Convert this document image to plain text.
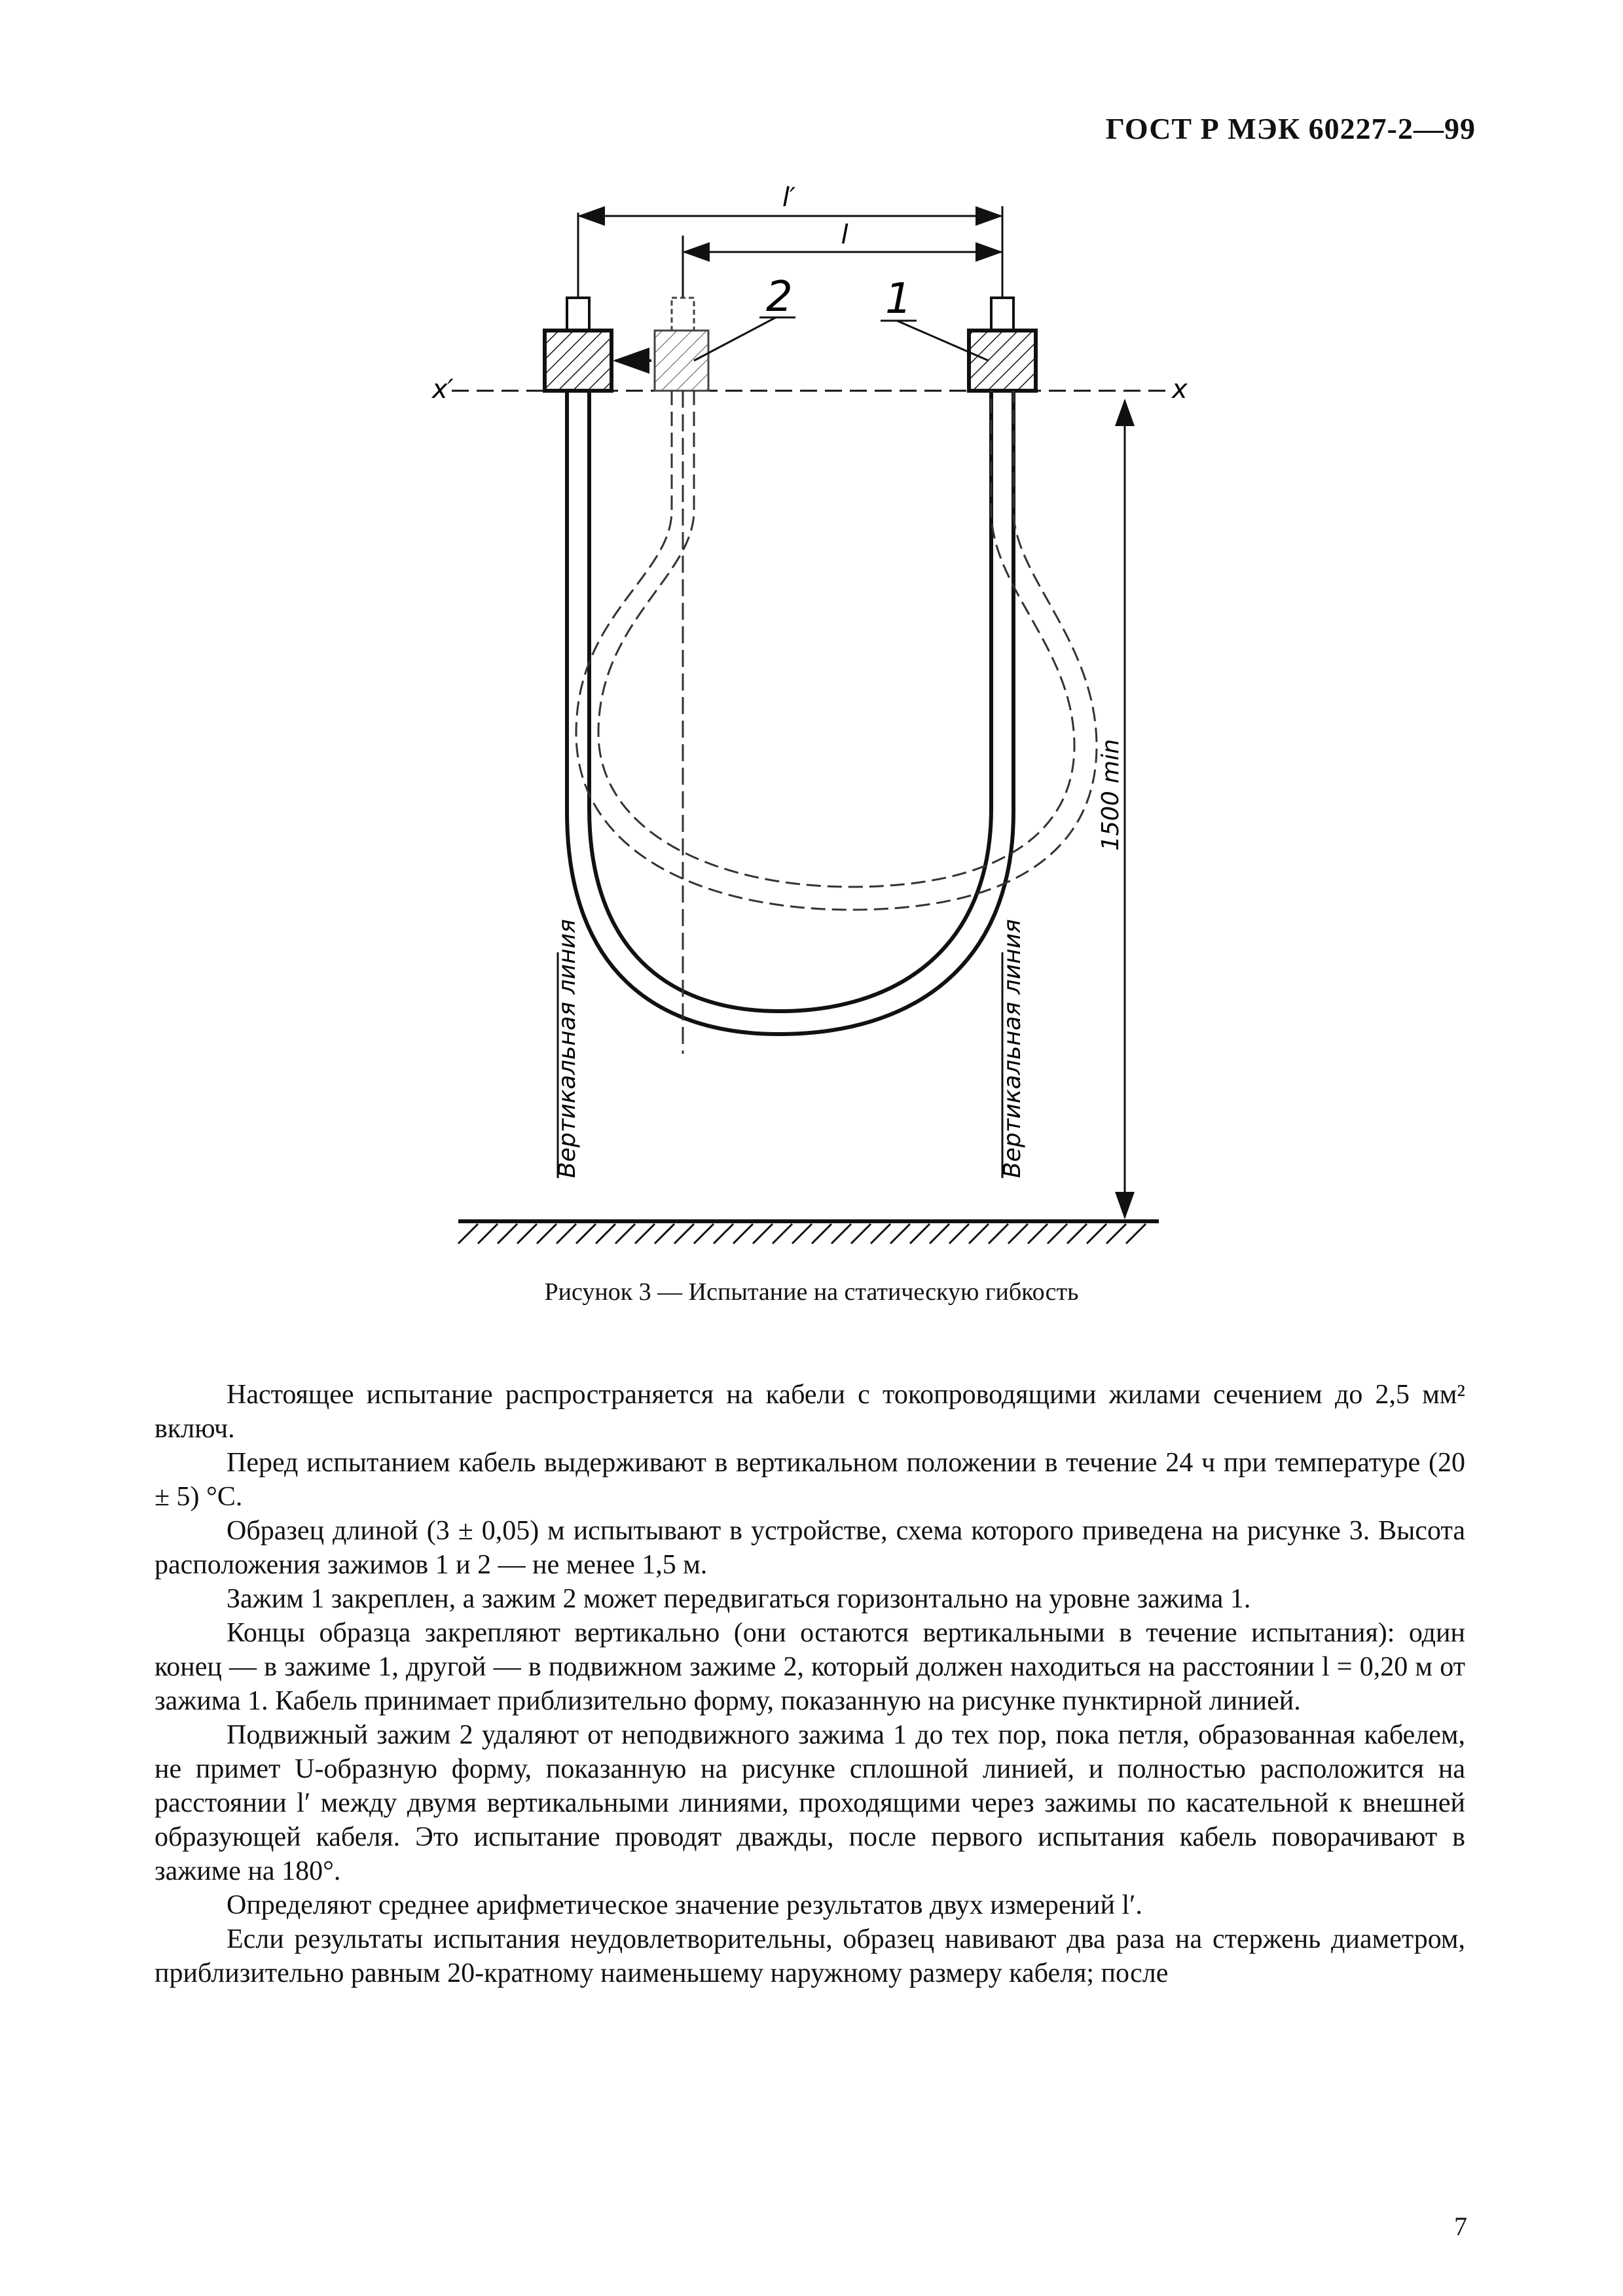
ГОСТ Р МЭК 60227-2—99
l′
l
x′	x
2 1
Вертикальная линия	Вертикальная линия
1500 min
Рисунок 3 — Испытание на статическую гибкость

Настоящее испытание распространяется на кабели с токопроводящими жилами сечением до 2,5 мм² включ.

Перед испытанием кабель выдерживают в вертикальном положении в течение 24 ч при температуре (20 ± 5) °С.

Образец длиной (3 ± 0,05) м испытывают в устройстве, схема которого приведена на рисунке 3. Высота расположения зажимов 1 и 2 — не менее 1,5 м.

Зажим 1 закреплен, а зажим 2 может передвигаться горизонтально на уровне зажима 1.

Концы образца закрепляют вертикально (они остаются вертикальными в течение испытания): один конец — в зажиме 1, другой — в подвижном зажиме 2, который должен находиться на расстоянии l = 0,20 м от зажима 1. Кабель принимает приблизительно форму, показанную на рисунке пунктирной линией.

Подвижный зажим 2 удаляют от неподвижного зажима 1 до тех пор, пока петля, образованная кабелем, не примет U-образную форму, показанную на рисунке сплошной линией, и полностью расположится на расстоянии l′ между двумя вертикальными линиями, проходящими через зажимы по касательной к внешней образующей кабеля. Это испытание проводят дважды, после первого испытания кабель поворачивают в зажиме на 180°.

Определяют среднее арифметическое значение результатов двух измерений l′.

Если результаты испытания неудовлетворительны, образец навивают два раза на стержень диаметром, приблизительно равным 20-кратному наименьшему наружному размеру кабеля; после

7
